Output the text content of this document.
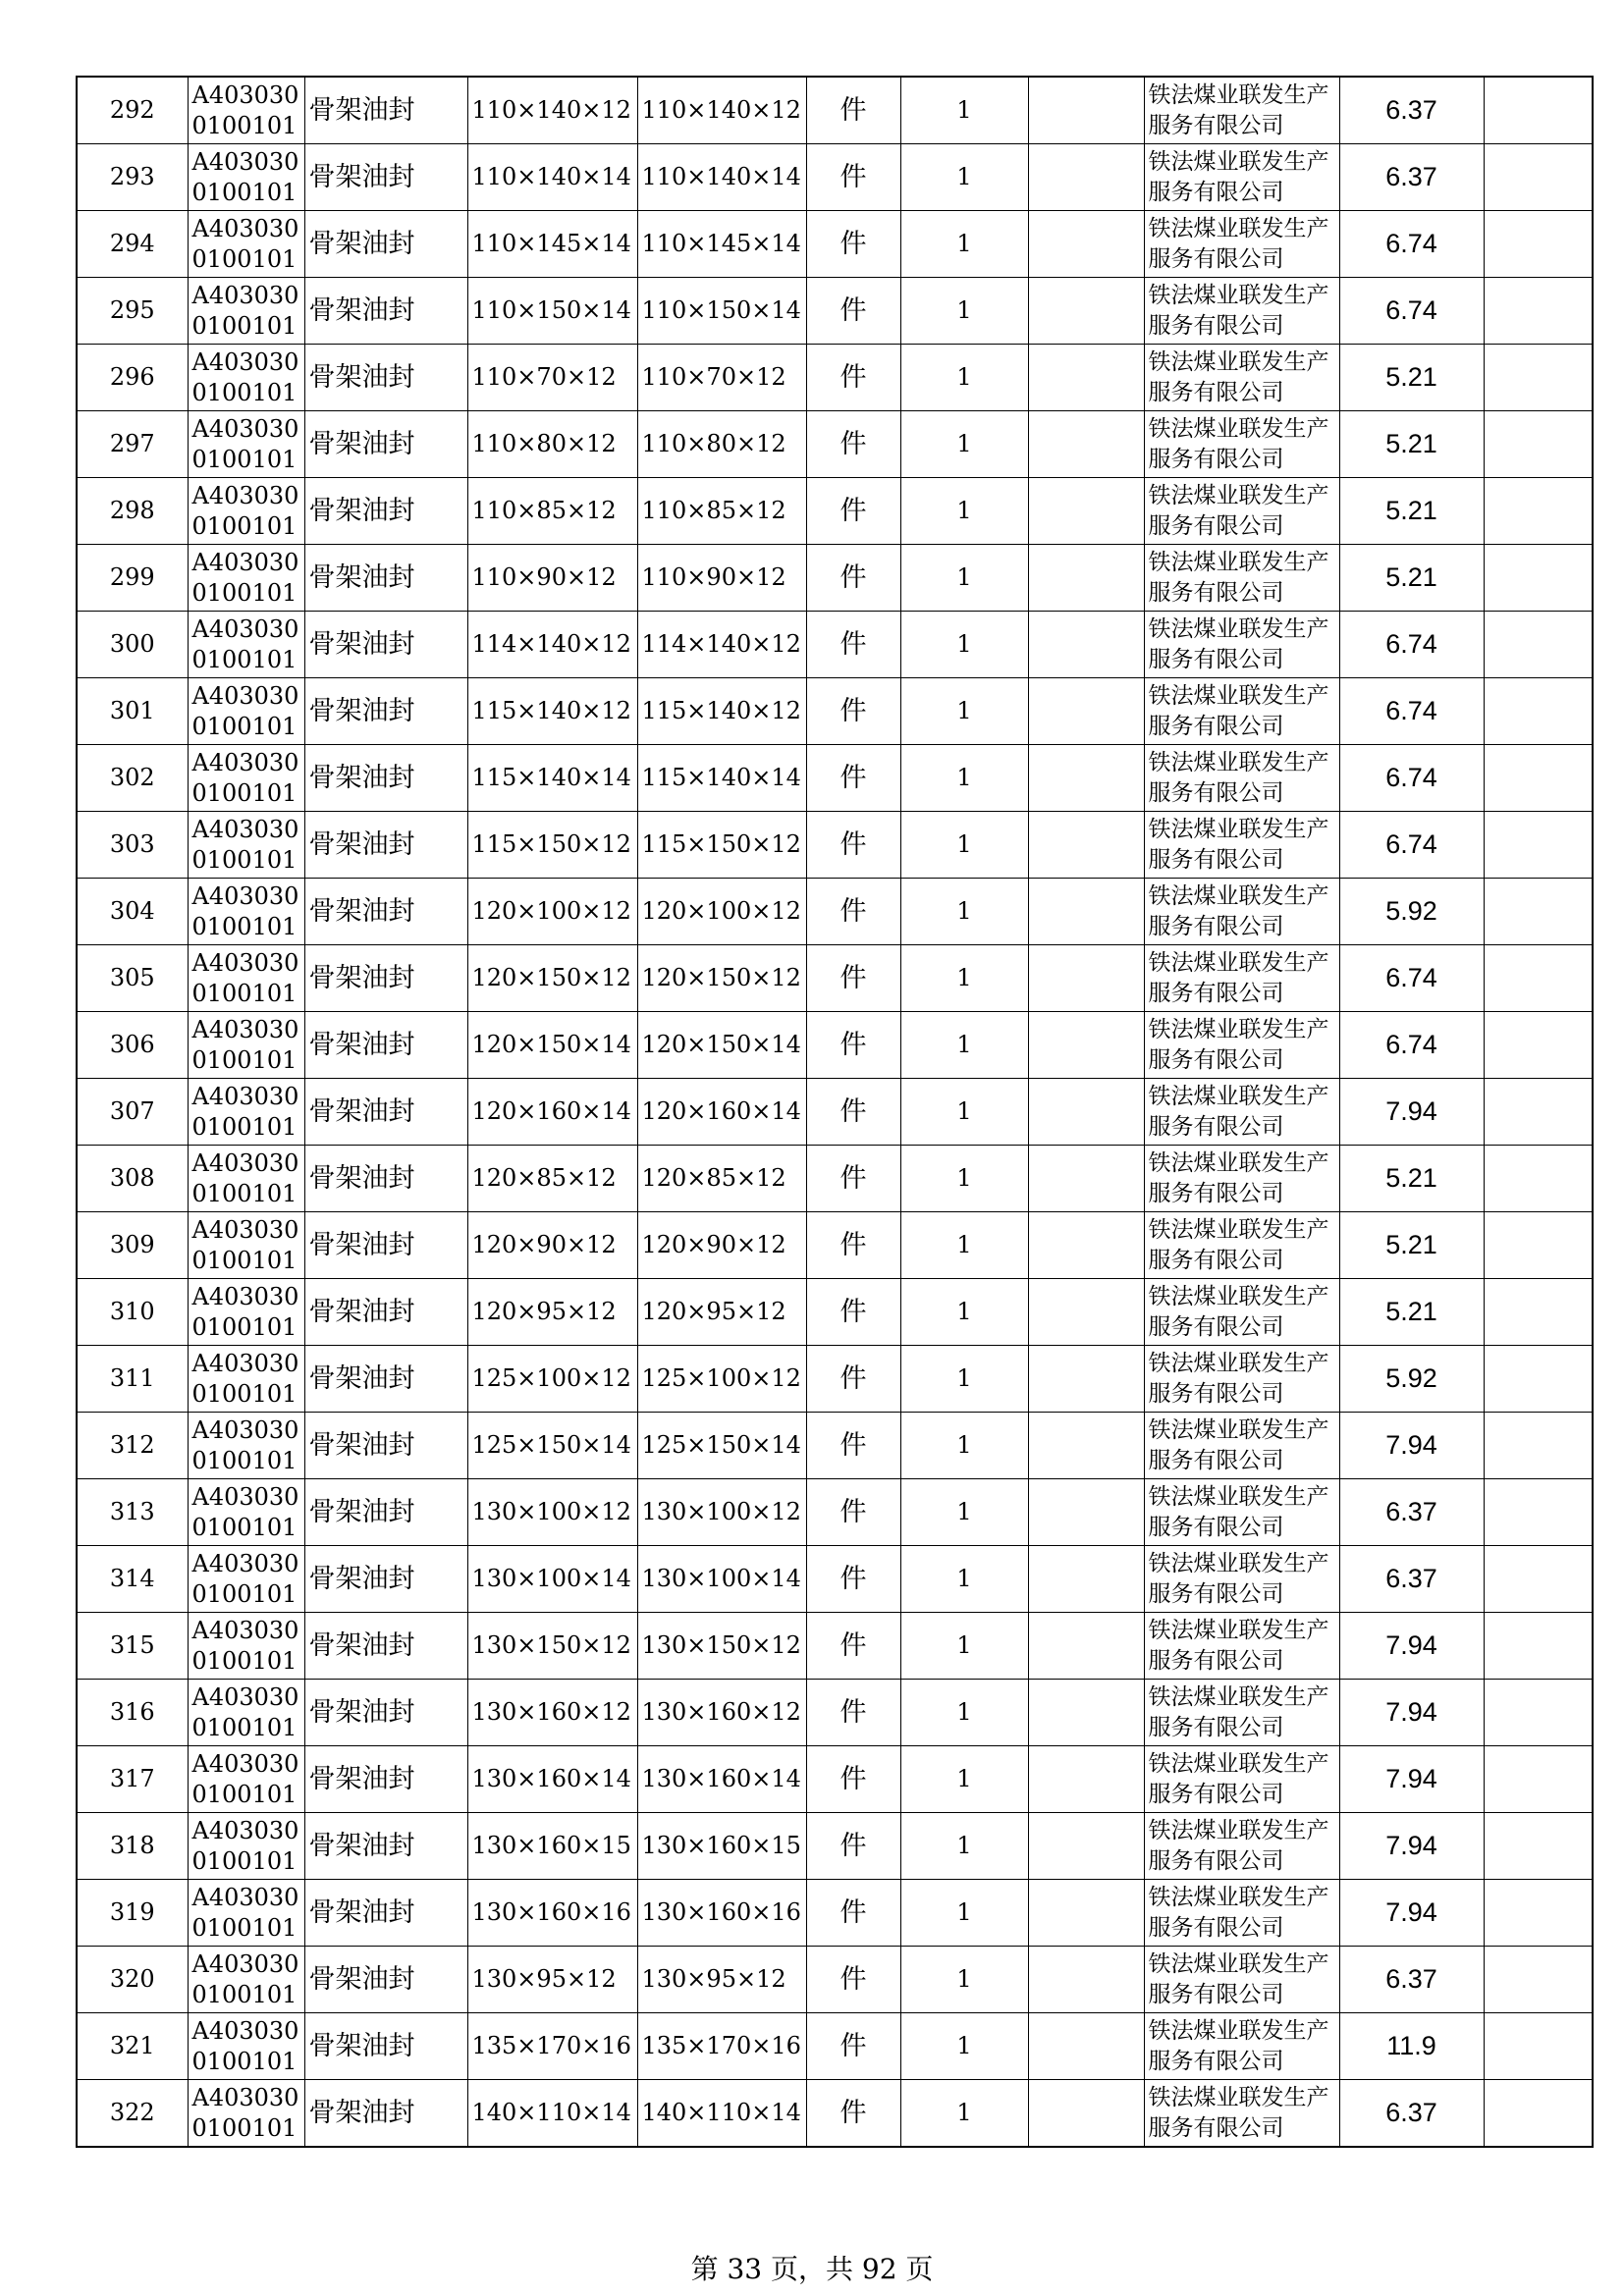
292	A4030300100101	骨架油封	110×140×12	110×140×12	件	1		铁法煤业联发生产服务有限公司	6.37	
293	A4030300100101	骨架油封	110×140×14	110×140×14	件	1		铁法煤业联发生产服务有限公司	6.37	
294	A4030300100101	骨架油封	110×145×14	110×145×14	件	1		铁法煤业联发生产服务有限公司	6.74	
295	A4030300100101	骨架油封	110×150×14	110×150×14	件	1		铁法煤业联发生产服务有限公司	6.74	
296	A4030300100101	骨架油封	110×70×12	110×70×12	件	1		铁法煤业联发生产服务有限公司	5.21	
297	A4030300100101	骨架油封	110×80×12	110×80×12	件	1		铁法煤业联发生产服务有限公司	5.21	
298	A4030300100101	骨架油封	110×85×12	110×85×12	件	1		铁法煤业联发生产服务有限公司	5.21	
299	A4030300100101	骨架油封	110×90×12	110×90×12	件	1		铁法煤业联发生产服务有限公司	5.21	
300	A4030300100101	骨架油封	114×140×12	114×140×12	件	1		铁法煤业联发生产服务有限公司	6.74	
301	A4030300100101	骨架油封	115×140×12	115×140×12	件	1		铁法煤业联发生产服务有限公司	6.74	
302	A4030300100101	骨架油封	115×140×14	115×140×14	件	1		铁法煤业联发生产服务有限公司	6.74	
303	A4030300100101	骨架油封	115×150×12	115×150×12	件	1		铁法煤业联发生产服务有限公司	6.74	
304	A4030300100101	骨架油封	120×100×12	120×100×12	件	1		铁法煤业联发生产服务有限公司	5.92	
305	A4030300100101	骨架油封	120×150×12	120×150×12	件	1		铁法煤业联发生产服务有限公司	6.74	
306	A4030300100101	骨架油封	120×150×14	120×150×14	件	1		铁法煤业联发生产服务有限公司	6.74	
307	A4030300100101	骨架油封	120×160×14	120×160×14	件	1		铁法煤业联发生产服务有限公司	7.94	
308	A4030300100101	骨架油封	120×85×12	120×85×12	件	1		铁法煤业联发生产服务有限公司	5.21	
309	A4030300100101	骨架油封	120×90×12	120×90×12	件	1		铁法煤业联发生产服务有限公司	5.21	
310	A4030300100101	骨架油封	120×95×12	120×95×12	件	1		铁法煤业联发生产服务有限公司	5.21	
311	A4030300100101	骨架油封	125×100×12	125×100×12	件	1		铁法煤业联发生产服务有限公司	5.92	
312	A4030300100101	骨架油封	125×150×14	125×150×14	件	1		铁法煤业联发生产服务有限公司	7.94	
313	A4030300100101	骨架油封	130×100×12	130×100×12	件	1		铁法煤业联发生产服务有限公司	6.37	
314	A4030300100101	骨架油封	130×100×14	130×100×14	件	1		铁法煤业联发生产服务有限公司	6.37	
315	A4030300100101	骨架油封	130×150×12	130×150×12	件	1		铁法煤业联发生产服务有限公司	7.94	
316	A4030300100101	骨架油封	130×160×12	130×160×12	件	1		铁法煤业联发生产服务有限公司	7.94	
317	A4030300100101	骨架油封	130×160×14	130×160×14	件	1		铁法煤业联发生产服务有限公司	7.94	
318	A4030300100101	骨架油封	130×160×15	130×160×15	件	1		铁法煤业联发生产服务有限公司	7.94	
319	A4030300100101	骨架油封	130×160×16	130×160×16	件	1		铁法煤业联发生产服务有限公司	7.94	
320	A4030300100101	骨架油封	130×95×12	130×95×12	件	1		铁法煤业联发生产服务有限公司	6.37	
321	A4030300100101	骨架油封	135×170×16	135×170×16	件	1		铁法煤业联发生产服务有限公司	11.9	
322	A4030300100101	骨架油封	140×110×14	140×110×14	件	1		铁法煤业联发生产服务有限公司	6.37	
第 33 页，共 92 页
